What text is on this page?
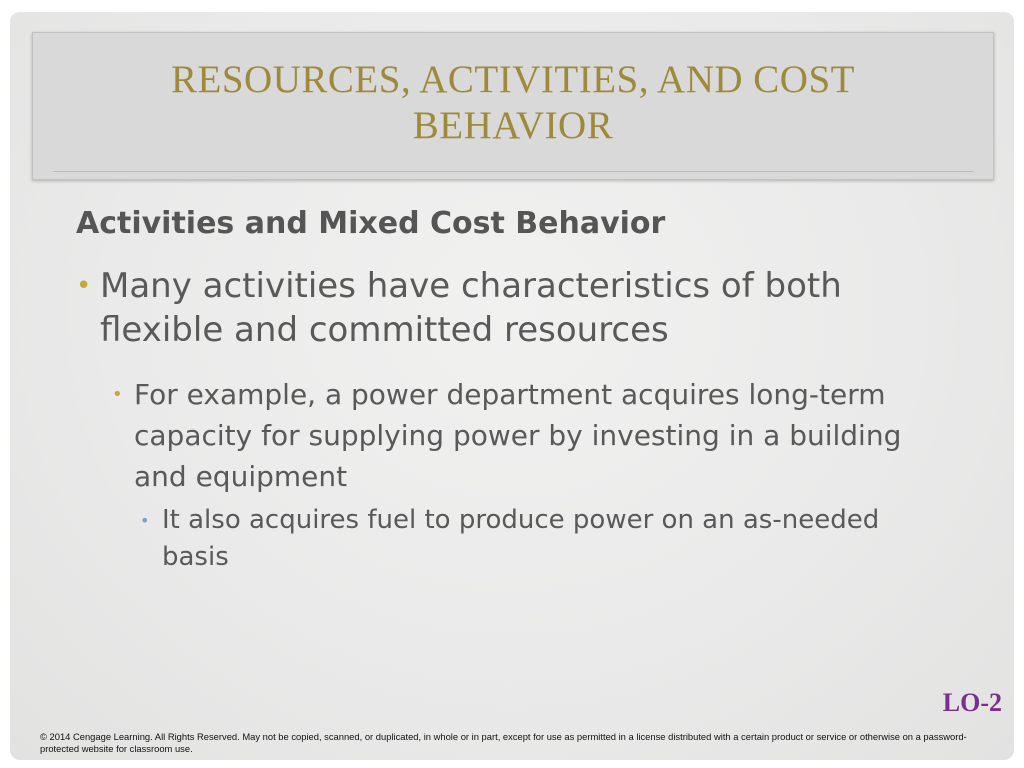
RESOURCES, ACTIVITIES, AND COST BEHAVIOR
Activities and Mixed Cost Behavior
• Many activities have characteristics of both flexible and committed resources
• For example, a power department acquires long-term capacity for supplying power by investing in a building and equipment
• It also acquires fuel to produce power on an as-needed basis
LO-2
© 2014 Cengage Learning. All Rights Reserved. May not be copied, scanned, or duplicated, in whole or in part, except for use as permitted in a license distributed with a certain product or service or otherwise on a password-protected website for classroom use.
